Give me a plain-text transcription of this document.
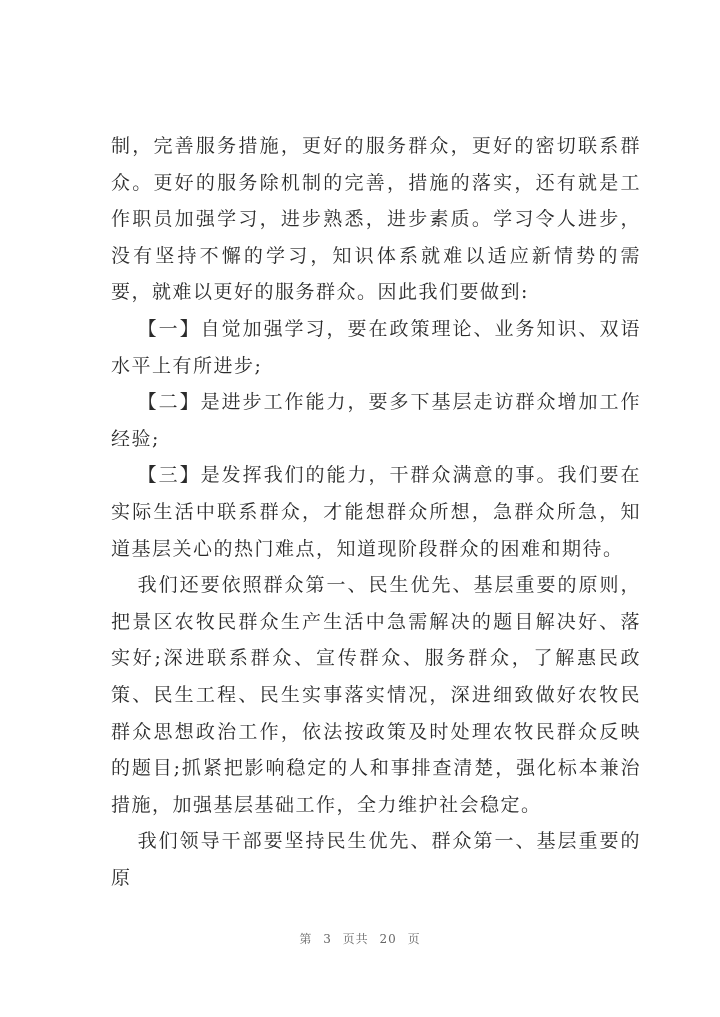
制，完善服务措施，更好的服务群众，更好的密切联系群众。更好的服务除机制的完善，措施的落实，还有就是工作职员加强学习，进步熟悉，进步素质。学习令人进步，没有坚持不懈的学习，知识体系就难以适应新情势的需要，就难以更好的服务群众。因此我们要做到:

【一】自觉加强学习，要在政策理论、业务知识、双语水平上有所进步;

【二】是进步工作能力，要多下基层走访群众增加工作经验;

【三】是发挥我们的能力，干群众满意的事。我们要在实际生活中联系群众，才能想群众所想，急群众所急，知道基层关心的热门难点，知道现阶段群众的困难和期待。

我们还要依照群众第一、民生优先、基层重要的原则，把景区农牧民群众生产生活中急需解决的题目解决好、落实好;深进联系群众、宣传群众、服务群众，了解惠民政策、民生工程、民生实事落实情况，深进细致做好农牧民群众思想政治工作，依法按政策及时处理农牧民群众反映的题目;抓紧把影响稳定的人和事排查清楚，强化标本兼治措施，加强基层基础工作，全力维护社会稳定。

我们领导干部要坚持民生优先、群众第一、基层重要的原

第 3 页共 20 页
